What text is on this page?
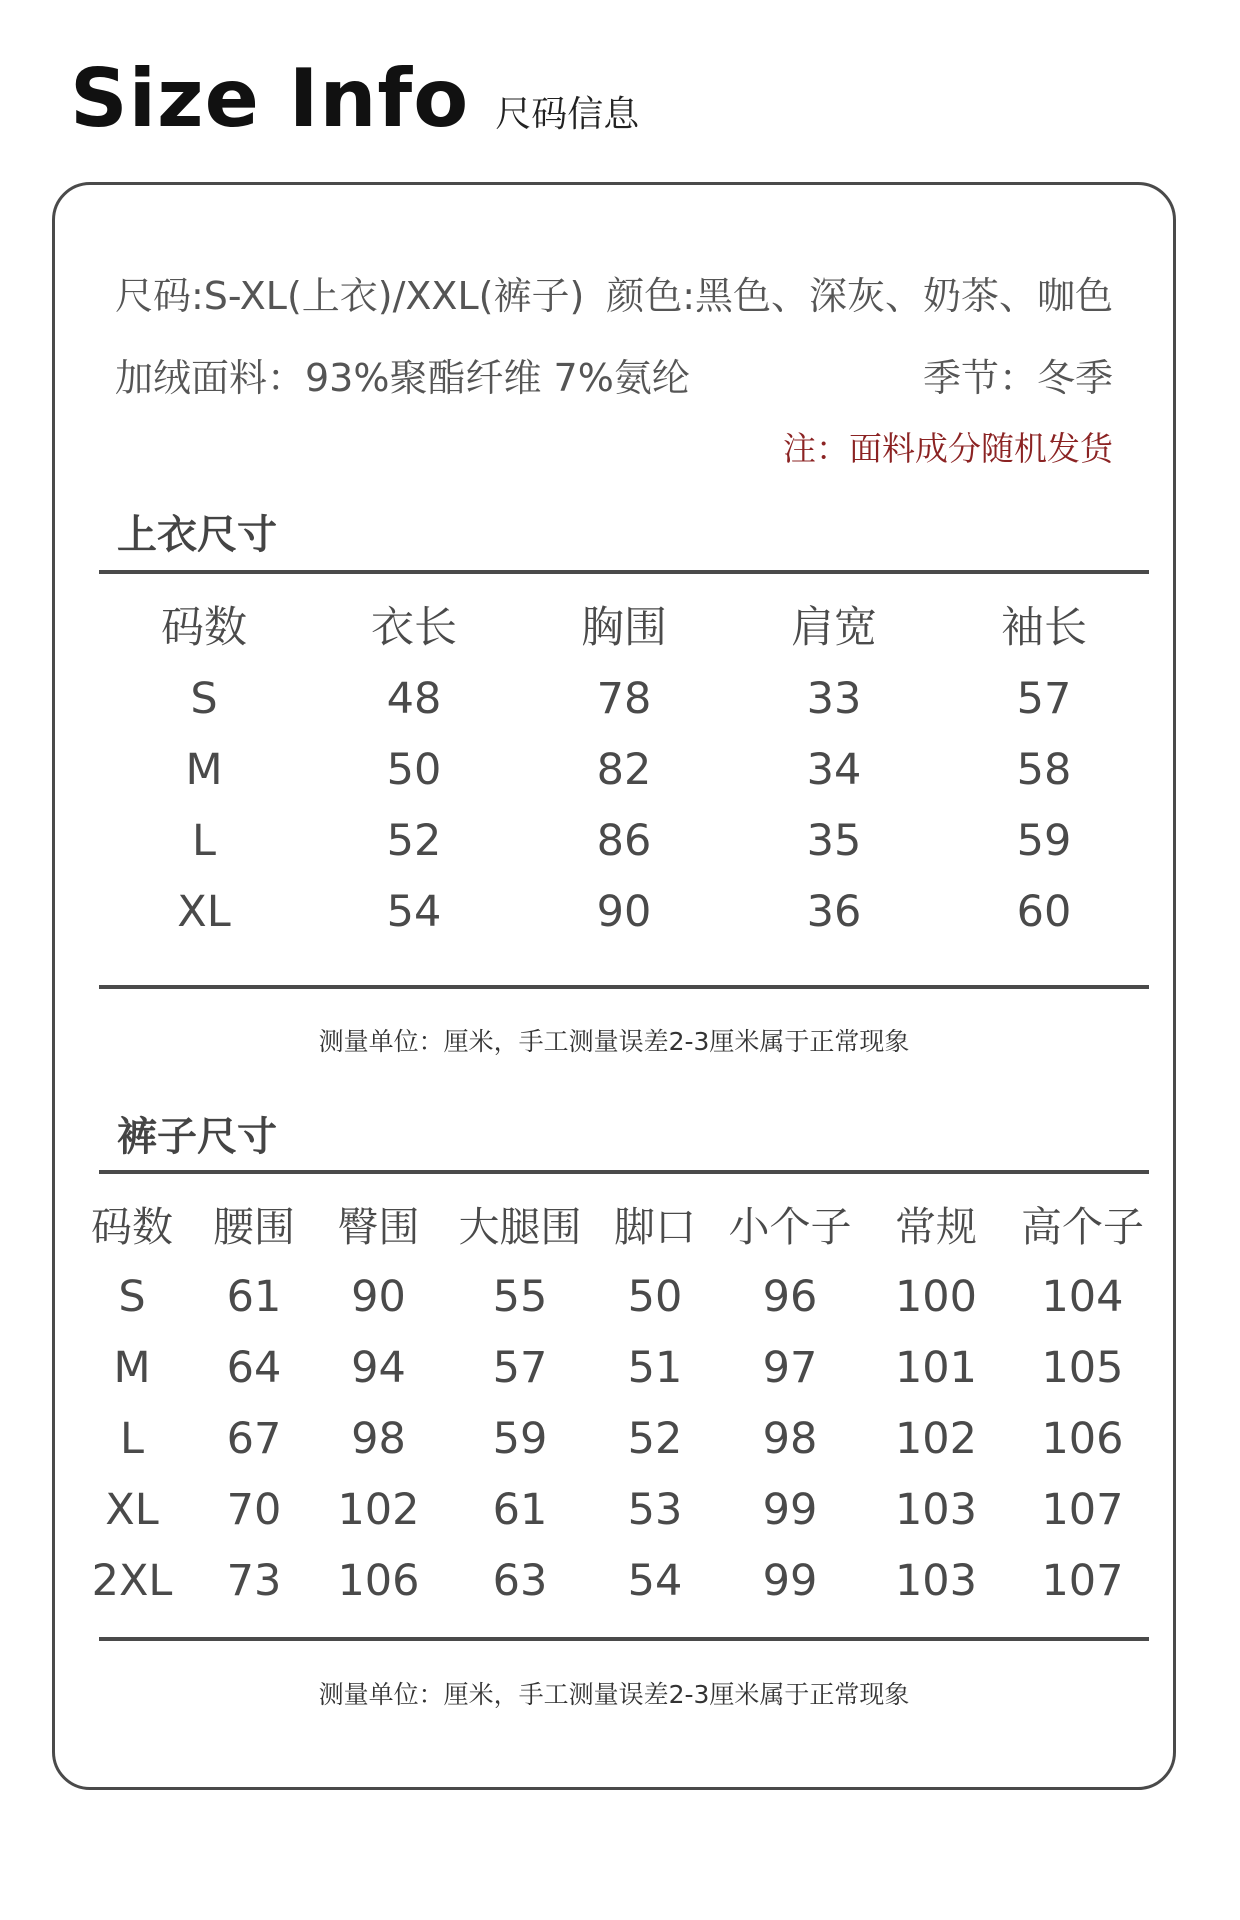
Size Info 尺码信息
尺码:S-XL(上衣)/XXL(裤子) 颜色:黑色、深灰、奶茶、咖色
加绒面料：93%聚酯纤维 7%氨纶	季节：冬季
注：面料成分随机发货
上衣尺寸
码数	衣长	胸围	肩宽	袖长
S	48	78	33	57
M	50	82	34	58
L	52	86	35	59
XL	54	90	36	60
测量单位：厘米，手工测量误差2-3厘米属于正常现象
裤子尺寸
码数	腰围	臀围	大腿围	脚口	小个子	常规	高个子
S	61	90	55	50	96	100	104
M	64	94	57	51	97	101	105
L	67	98	59	52	98	102	106
XL	70	102	61	53	99	103	107
2XL	73	106	63	54	99	103	107
测量单位：厘米，手工测量误差2-3厘米属于正常现象
